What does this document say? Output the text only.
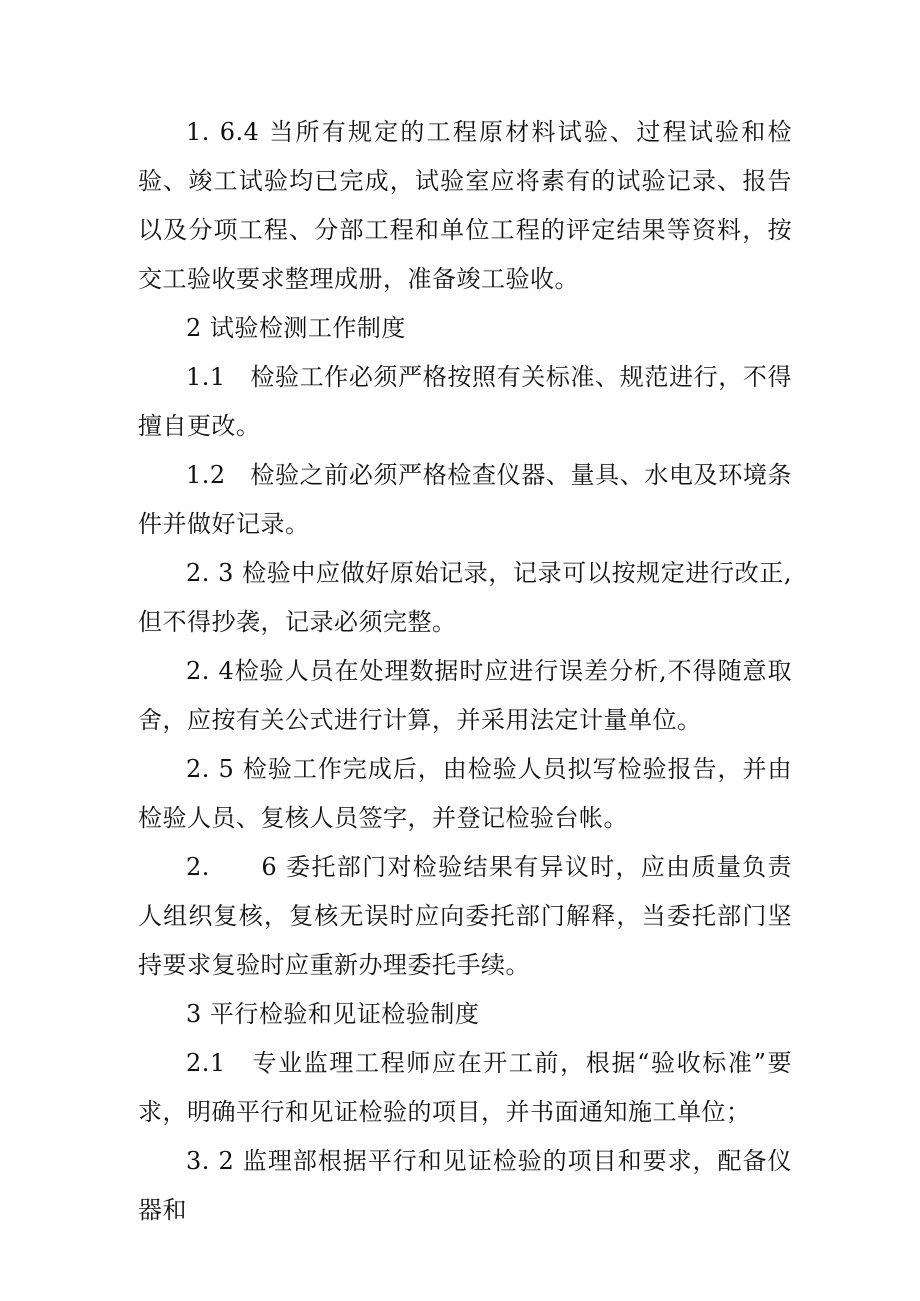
1. 6.4 当所有规定的工程原材料试验、过程试验和检验、竣工试验均已完成，试验室应将素有的试验记录、报告以及分项工程、分部工程和单位工程的评定结果等资料，按交工验收要求整理成册，准备竣工验收。

2 试验检测工作制度

1.1　检验工作必须严格按照有关标准、规范进行，不得擅自更改。

1.2　检验之前必须严格检查仪器、量具、水电及环境条件并做好记录。

2. 3 检验中应做好原始记录，记录可以按规定进行改正,但不得抄袭，记录必须完整。

2. 4检验人员在处理数据时应进行误差分析,不得随意取舍，应按有关公式进行计算，并采用法定计量单位。

2. 5 检验工作完成后，由检验人员拟写检验报告，并由检验人员、复核人员签字，并登记检验台帐。

2.　　6 委托部门对检验结果有异议时，应由质量负责人组织复核，复核无误时应向委托部门解释，当委托部门坚持要求复验时应重新办理委托手续。

3 平行检验和见证检验制度

2.1　专业监理工程师应在开工前，根据“验收标准”要求，明确平行和见证检验的项目，并书面通知施工单位；

3. 2 监理部根据平行和见证检验的项目和要求，配备仪器和
